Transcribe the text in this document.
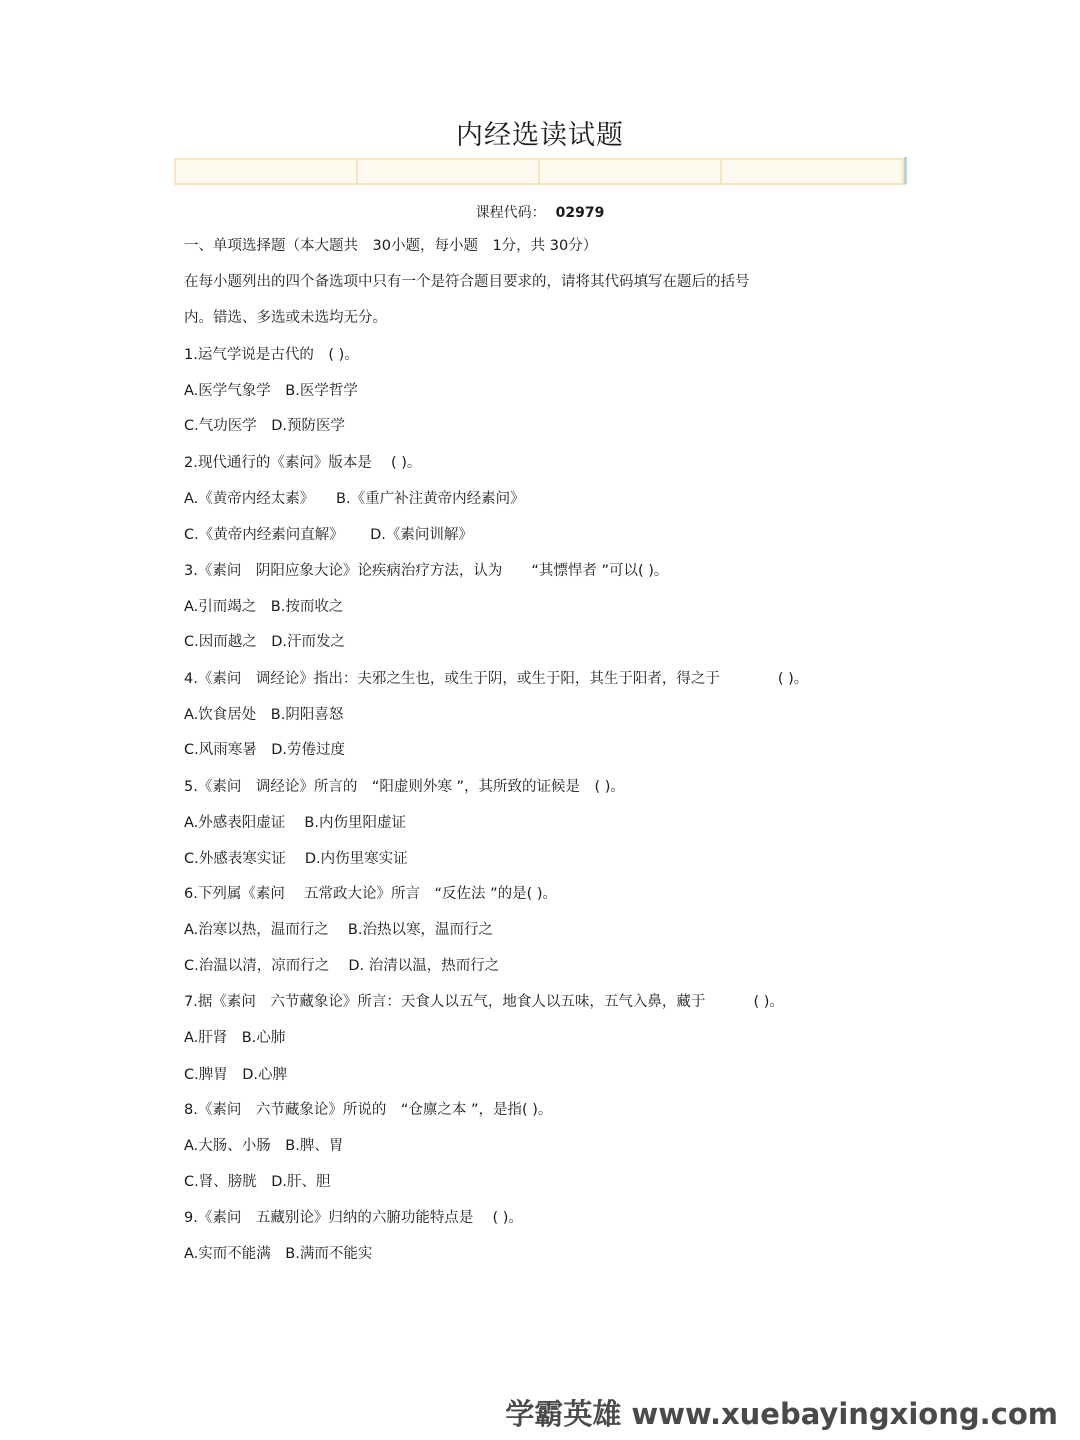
内经选读试题
课程代码： 02979
一、单项选择题（本大题共　30小题，每小题　1分，共 30分）
在每小题列出的四个备选项中只有一个是符合题目要求的，请将其代码填写在题后的括号
内。错选、多选或未选均无分。
1.运气学说是古代的　( )。
A.医学气象学　B.医学哲学
C.气功医学　D.预防医学
2.现代通行的《素问》版本是　 ( )。
A.《黄帝内经太素》　　B.《重广补注黄帝内经素问》
C.《黄帝内经素问直解》　　 D.《素问训解》
3.《素问　阴阳应象大论》论疾病治疗方法，认为　　“其慓悍者 ”可以( )。
A.引而竭之　B.按而收之
C.因而越之　D.汗而发之
4.《素问　调经论》指出：夫邪之生也，或生于阴，或生于阳，其生于阳者，得之于　　　　( )。
A.饮食居处　B.阴阳喜怒
C.风雨寒暑　D.劳倦过度
5.《素问　调经论》所言的　“阳虚则外寒 ”，其所致的证候是　( )。
A.外感表阳虚证　 B.内伤里阳虚证
C.外感表寒实证　 D.内伤里寒实证
6.下列属《素问　 五常政大论》所言　“反佐法 ”的是( )。
A.治寒以热，温而行之　 B.治热以寒，温而行之
C.治温以清，凉而行之　 D. 治清以温，热而行之
7.据《素问　六节藏象论》所言：天食人以五气，地食人以五味，五气入鼻，藏于　　　 ( )。
A.肝肾　B.心肺
C.脾胃　D.心脾
8.《素问　六节藏象论》所说的　“仓廪之本 ”，是指( )。
A.大肠、小肠　B.脾、胃
C.肾、膀胱　D.肝、胆
9.《素问　五藏别论》归纳的六腑功能特点是　 ( )。
A.实而不能满　B.满而不能实
学霸英雄 www.xuebayingxiong.com
